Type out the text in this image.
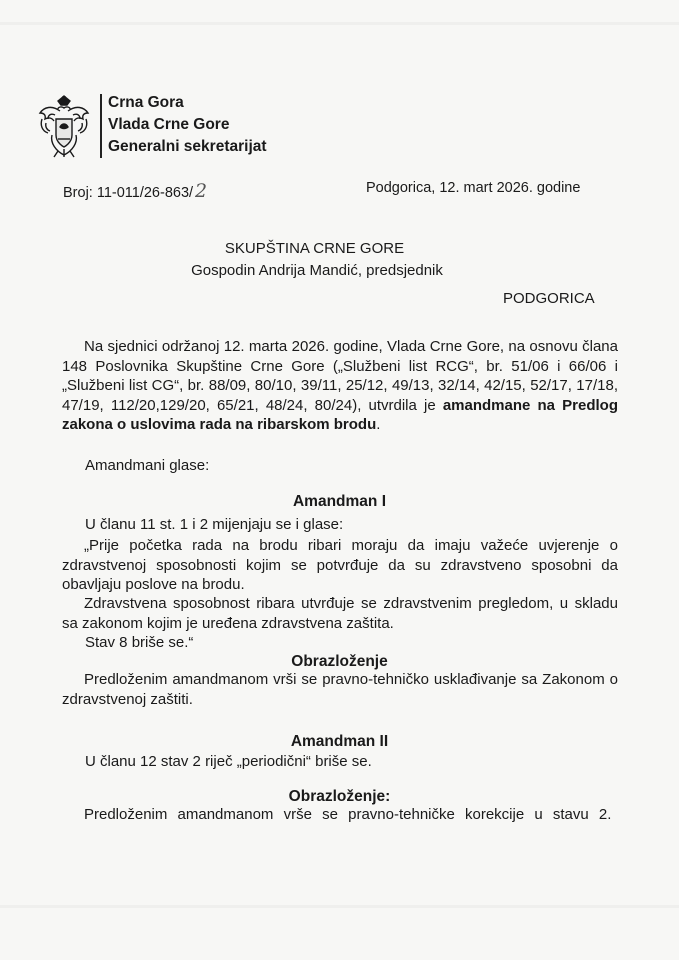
Crna Gora
Vlada Crne Gore
Generalni sekretarijat
Broj: 11-011/26-863/ 2	Podgorica, 12. mart 2026. godine
SKUPŠTINA CRNE GORE
Gospodin Andrija Mandić, predsjednik
PODGORICA
Na sjednici održanoj 12. marta 2026. godine, Vlada Crne Gore, na osnovu člana 148 Poslovnika Skupštine Crne Gore („Službeni list RCG“, br. 51/06 i 66/06 i „Službeni list CG“, br. 88/09, 80/10, 39/11, 25/12, 49/13, 32/14, 42/15, 52/17, 17/18, 47/19, 112/20,129/20, 65/21, 48/24, 80/24), utvrdila je amandmane na Predlog zakona o uslovima rada na ribarskom brodu.
Amandmani glase:
Amandman I
U članu 11 st. 1 i 2 mijenjaju se i glase:
„Prije početka rada na brodu ribari moraju da imaju važeće uvjerenje o zdravstvenoj sposobnosti kojim se potvrđuje da su zdravstveno sposobni da obavljaju poslove na brodu.
Zdravstvena sposobnost ribara utvrđuje se zdravstvenim pregledom, u skladu sa zakonom kojim je uređena zdravstvena zaštita.
Stav 8 briše se.“
Obrazloženje
Predloženim amandmanom vrši se pravno-tehničko usklađivanje sa Zakonom o zdravstvenoj zaštiti.
Amandman II
U članu 12 stav 2 riječ „periodični“ briše se.
Obrazloženje:
Predloženim amandmanom vrše se pravno-tehničke korekcije u stavu 2.
